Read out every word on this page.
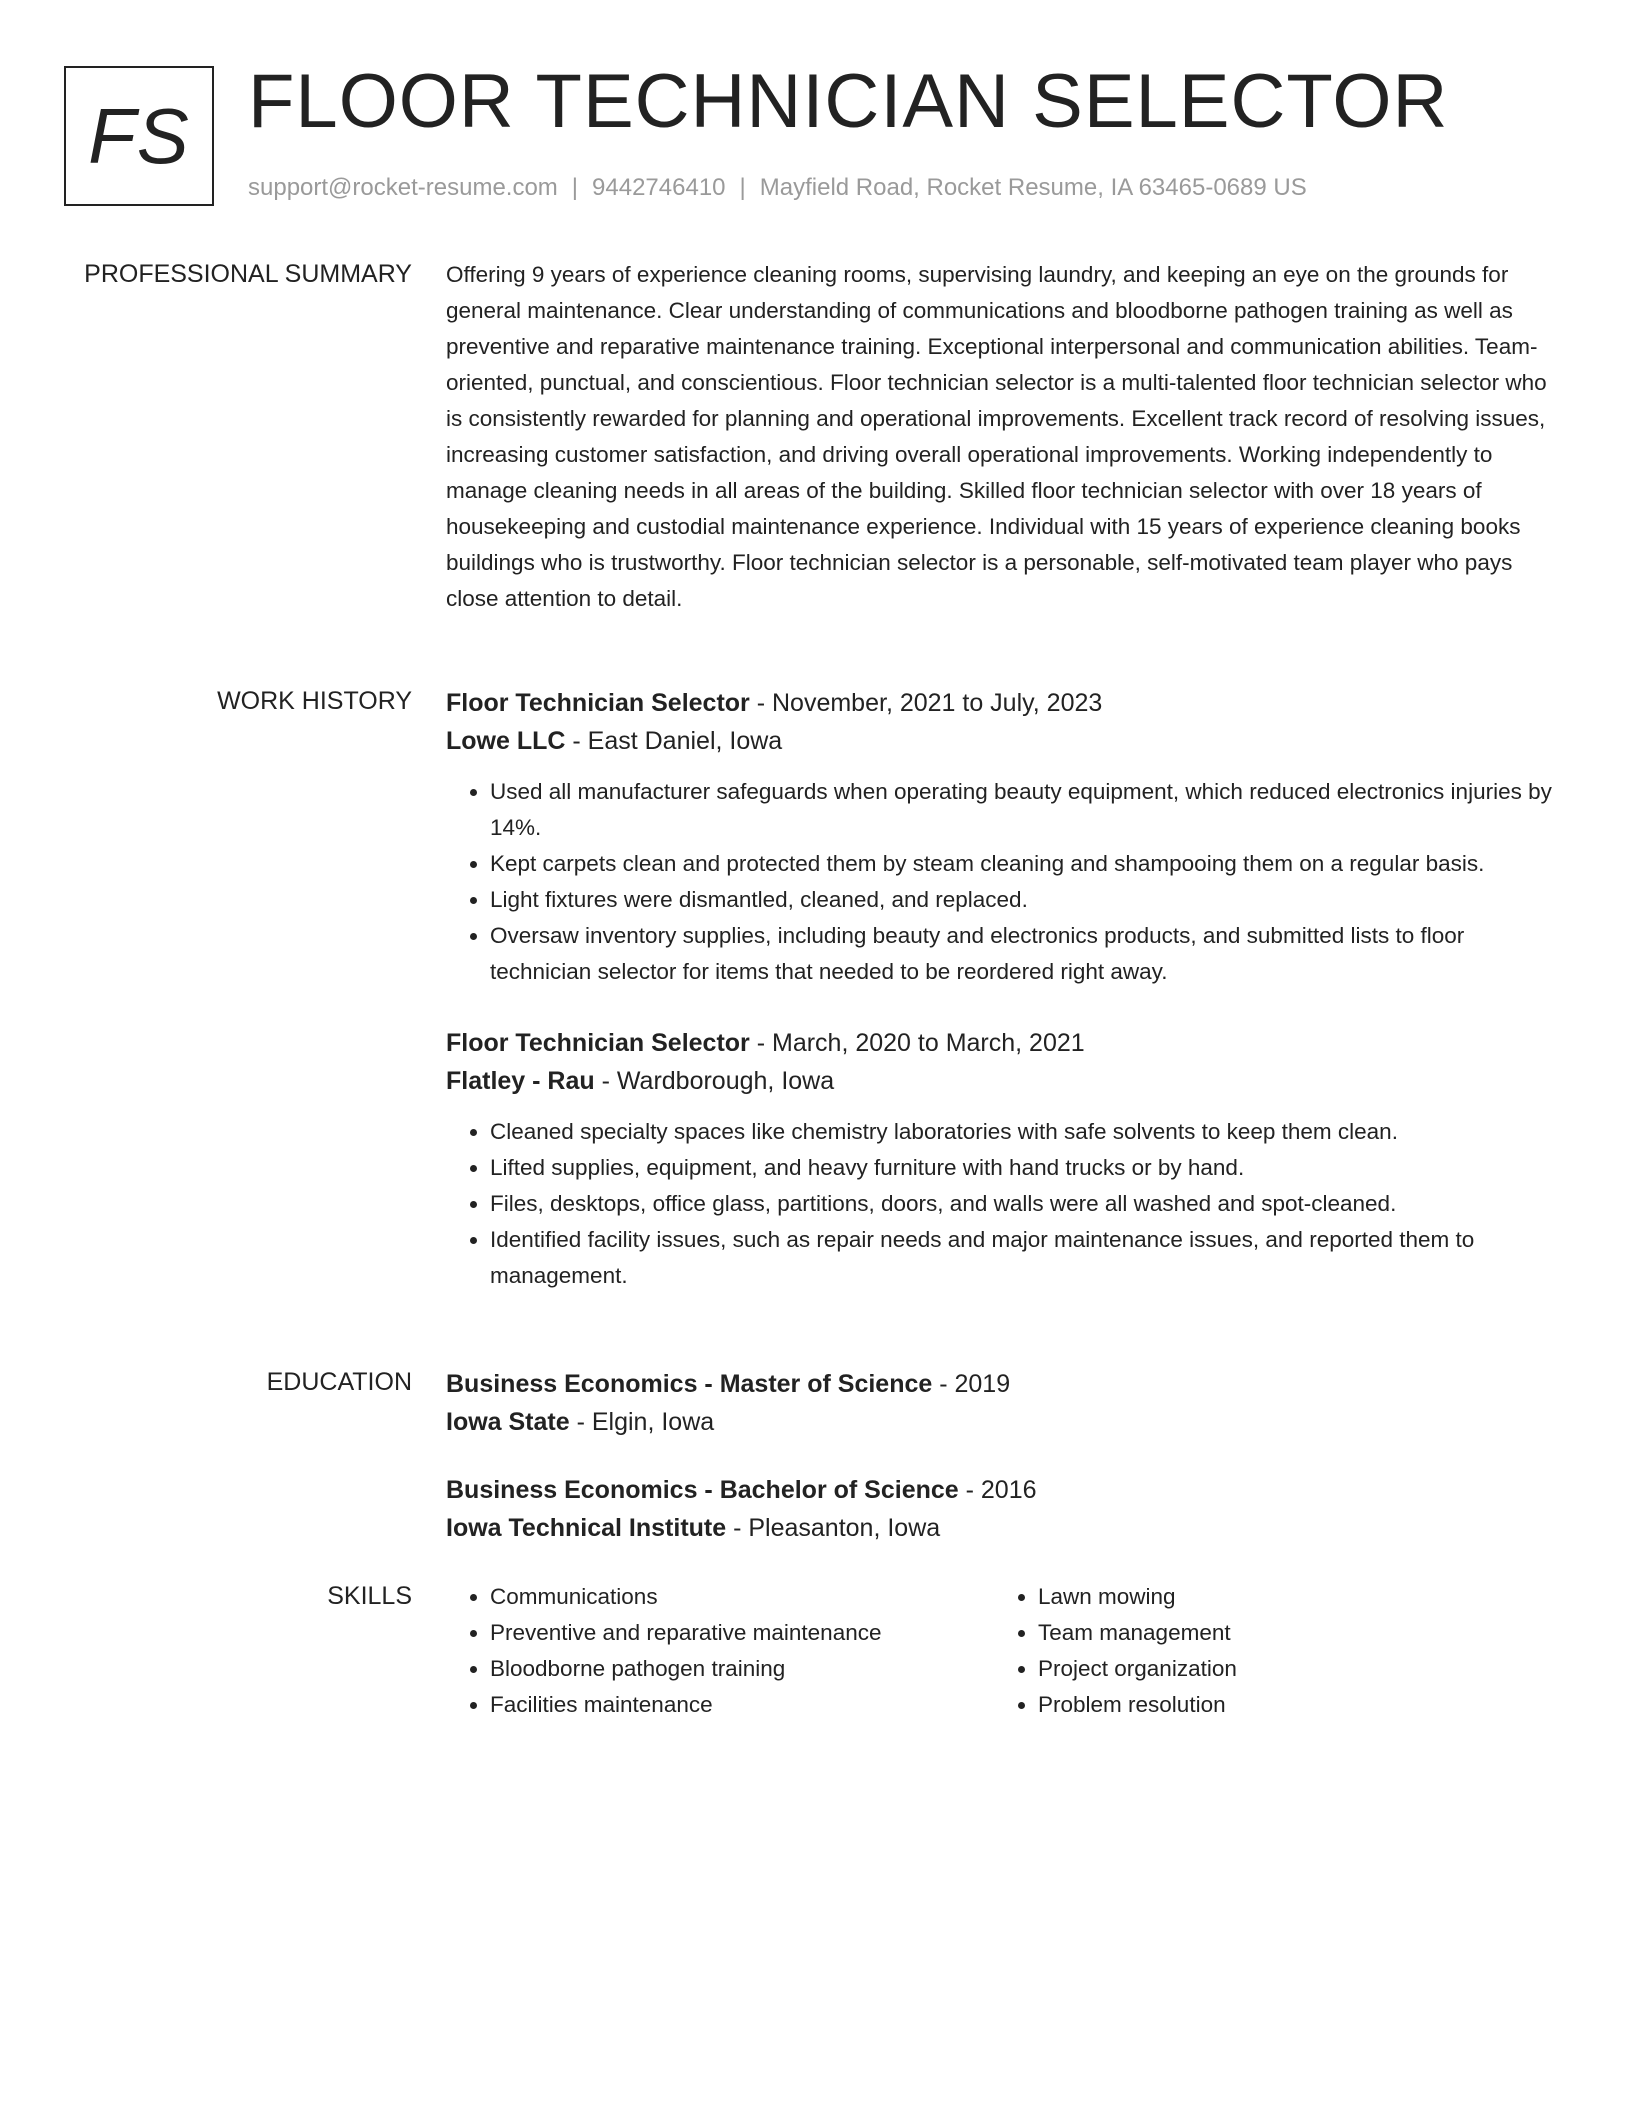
FS FLOOR TECHNICIAN SELECTOR
support@rocket-resume.com | 9442746410 | Mayfield Road, Rocket Resume, IA 63465-0689 US
PROFESSIONAL SUMMARY Offering 9 years of experience cleaning rooms, supervising laundry, and keeping an eye on the grounds for general maintenance. Clear understanding of communications and bloodborne pathogen training as well as preventive and reparative maintenance training. Exceptional interpersonal and communication abilities. Team-oriented, punctual, and conscientious. Floor technician selector is a multi-talented floor technician selector who is consistently rewarded for planning and operational improvements. Excellent track record of resolving issues, increasing customer satisfaction, and driving overall operational improvements. Working independently to manage cleaning needs in all areas of the building. Skilled floor technician selector with over 18 years of housekeeping and custodial maintenance experience. Individual with 15 years of experience cleaning books buildings who is trustworthy. Floor technician selector is a personable, self-motivated team player who pays close attention to detail.

WORK HISTORY Floor Technician Selector - November, 2021 to July, 2023
Lowe LLC - East Daniel, Iowa
• Used all manufacturer safeguards when operating beauty equipment, which reduced electronics injuries by 14%.
• Kept carpets clean and protected them by steam cleaning and shampooing them on a regular basis.
• Light fixtures were dismantled, cleaned, and replaced.
• Oversaw inventory supplies, including beauty and electronics products, and submitted lists to floor technician selector for items that needed to be reordered right away.
Floor Technician Selector - March, 2020 to March, 2021
Flatley - Rau - Wardborough, Iowa
• Cleaned specialty spaces like chemistry laboratories with safe solvents to keep them clean.
• Lifted supplies, equipment, and heavy furniture with hand trucks or by hand.
• Files, desktops, office glass, partitions, doors, and walls were all washed and spot-cleaned.
• Identified facility issues, such as repair needs and major maintenance issues, and reported them to management.
EDUCATION Business Economics - Master of Science - 2019
Iowa State - Elgin, Iowa
Business Economics - Bachelor of Science - 2016
Iowa Technical Institute - Pleasanton, Iowa
SKILLS
•	Communications
• Preventive and reparative maintenance
• Bloodborne pathogen training
• Facilities maintenance
• Lawn mowing
• Team management
• Project organization
• Problem resolution
